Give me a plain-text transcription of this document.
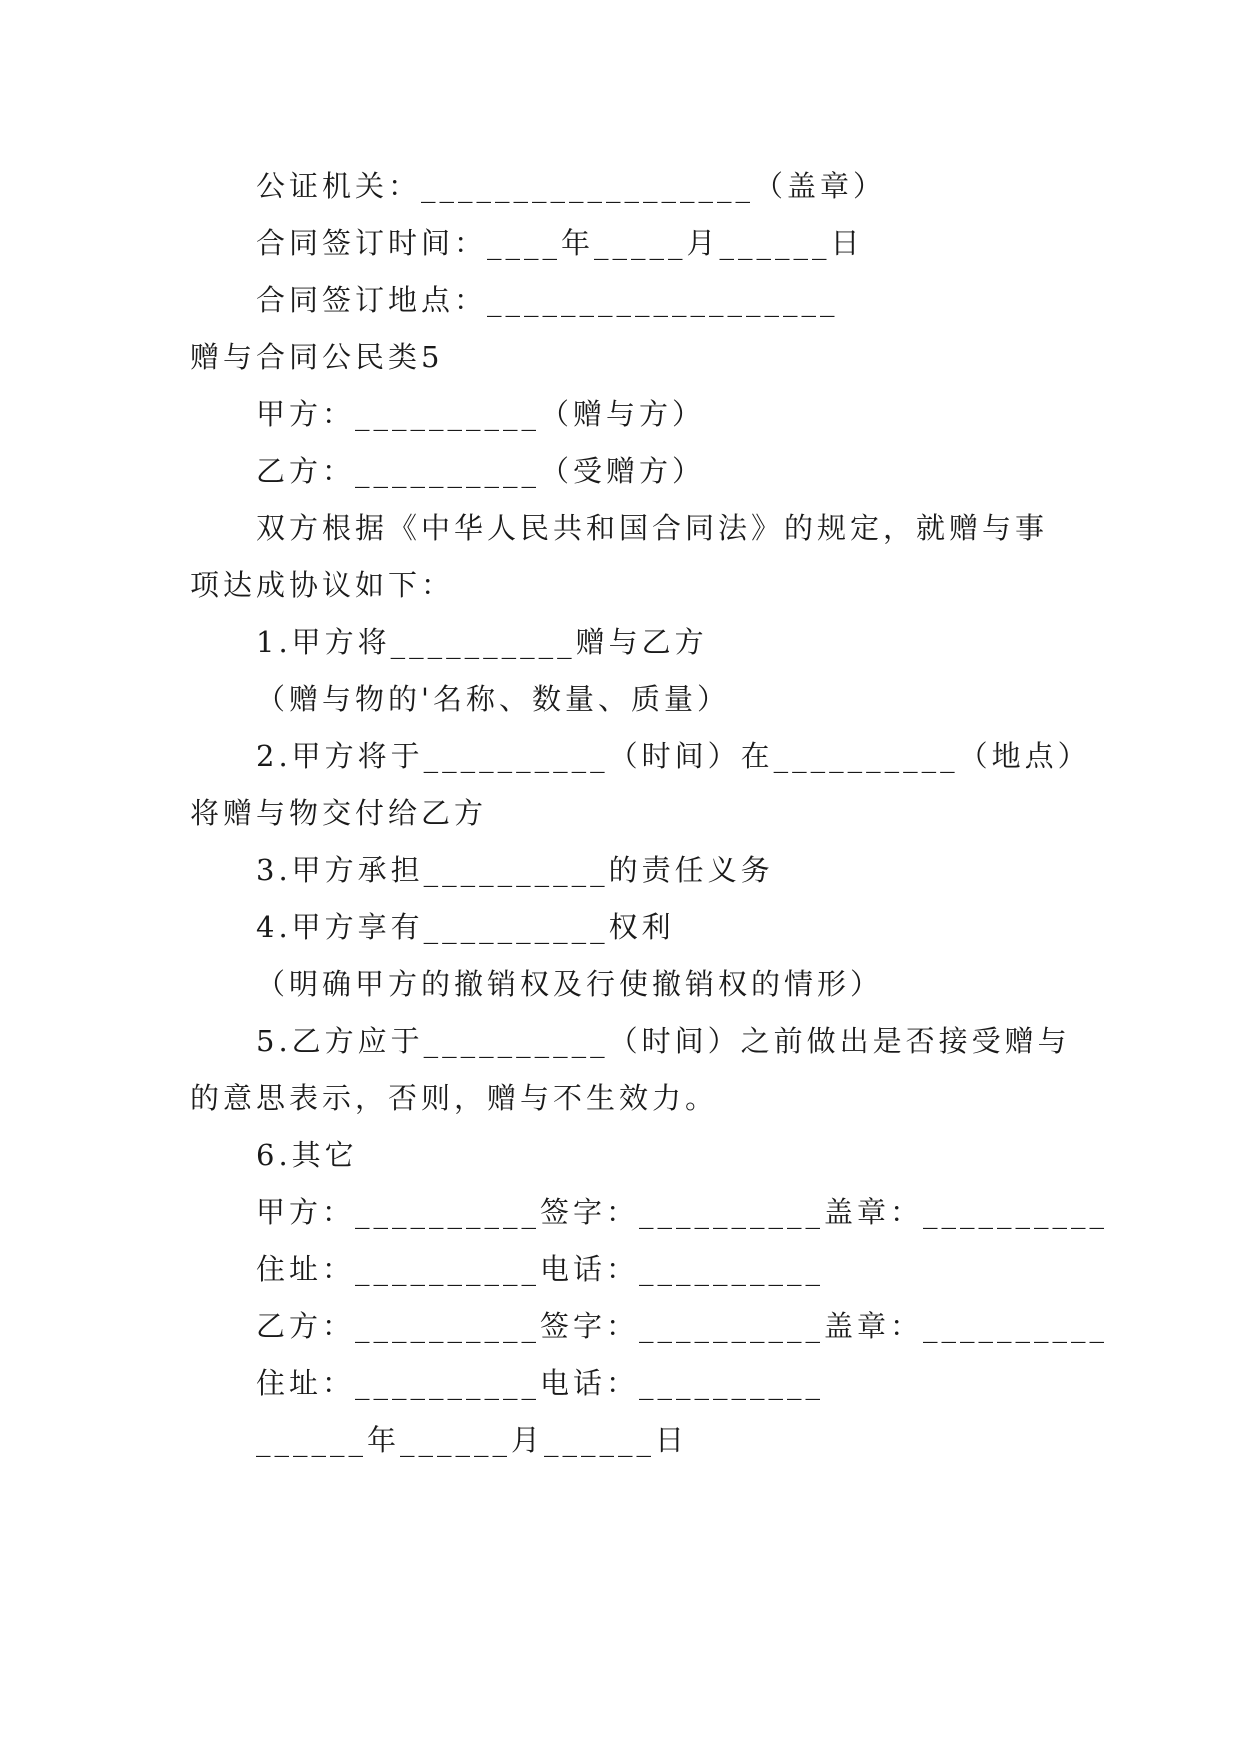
公证机关：__________________（盖章）
合同签订时间：____年_____月______日
合同签订地点：___________________
赠与合同公民类5
甲方：__________（赠与方）
乙方：__________（受赠方）
双方根据《中华人民共和国合同法》的规定，就赠与事
项达成协议如下：
1.甲方将__________赠与乙方
（赠与物的'名称、数量、质量）
2.甲方将于__________（时间）在__________（地点）
将赠与物交付给乙方
3.甲方承担__________的责任义务
4.甲方享有__________权利
（明确甲方的撤销权及行使撤销权的情形）
5.乙方应于__________（时间）之前做出是否接受赠与
的意思表示，否则，赠与不生效力。
6.其它
甲方：__________签字：__________盖章：__________
住址：__________电话：__________
乙方：__________签字：__________盖章：__________
住址：__________电话：__________
______年______月______日
